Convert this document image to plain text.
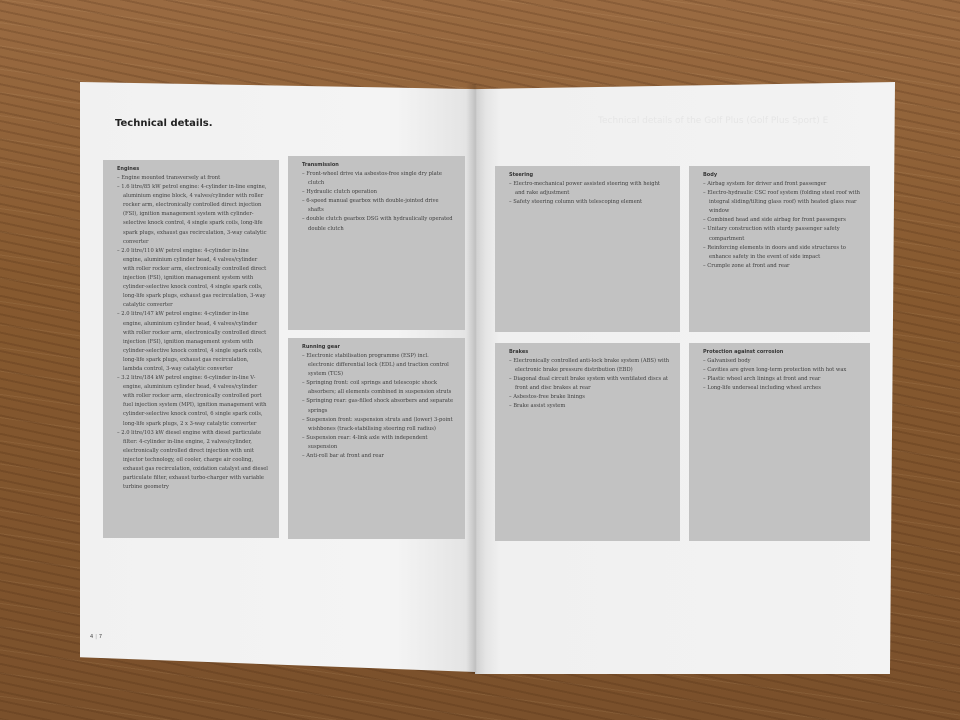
Technical details.	Technical details of the Golf Plus (Golf Plus Sport) E
Engines
– Engine mounted transversely at front
– 1.6 litre/85 kW petrol engine: 4-cylinder in-line engine, aluminium engine block, 4 valves/cylinder with roller rocker arm, electronically controlled direct injection (FSI), ignition management system with cylinder-selective knock control, 4 single spark coils, long-life spark plugs, exhaust gas recirculation, 3-way catalytic converter
– 2.0 litre/110 kW petrol engine: 4-cylinder in-line engine, aluminium cylinder head, 4 valves/cylinder with roller rocker arm, electronically controlled direct injection (FSI), ignition management system with cylinder-selective knock control, 4 single spark coils, long-life spark plugs, exhaust gas recirculation, 3-way catalytic converter
– 2.0 litre/147 kW petrol engine: 4-cylinder in-line engine, aluminium cylinder head, 4 valves/cylinder with roller rocker arm, electronically controlled direct injection (FSI), ignition management system with cylinder-selective knock control, 4 single spark coils, long-life spark plugs, exhaust gas recirculation, lambda control, 3-way catalytic converter
– 3.2 litre/184 kW petrol engine: 6-cylinder in-line V-engine, aluminium cylinder head, 4 valves/cylinder with roller rocker arm, electronically controlled port fuel injection system (MPI), ignition management with cylinder-selective knock control, 6 single spark coils, long-life spark plugs, 2 x 3-way catalytic converter
– 2.0 litre/103 kW diesel engine with diesel particulate filter: 4-cylinder in-line engine, 2 valves/cylinder, electronically controlled direct injection with unit injector technology, oil cooler, charge air cooling, exhaust gas recirculation, oxidation catalyst and diesel particulate filter, exhaust turbo-charger with variable turbine geometry
Transmission
– Front-wheel drive via asbestos-free single dry plate clutch
– Hydraulic clutch operation
– 6-speed manual gearbox with double-jointed drive shafts
– double clutch gearbox DSG with hydraulically operated double clutch
Running gear
– Electronic stabilisation programme (ESP) incl. electronic differential lock (EDL) and traction control system (TCS)
– Springing front: coil springs and telescopic shock absorbers; all elements combined in suspension struts
– Springing rear: gas-filled shock absorbers and separate springs
– Suspension front: suspension struts and (lower) 3-point wishbones (track-stabilising steering roll radius)
– Suspension rear: 4-link axle with independent suspension
– Anti-roll bar at front and rear
Steering
– Electro-mechanical power assisted steering with height and rake adjustment
– Safety steering column with telescoping element
Body
– Airbag system for driver and front passenger
– Electro-hydraulic CSC roof system (folding steel roof with integral sliding/tilting glass roof) with heated glass rear window
– Combined head and side airbag for front passengers
– Unitary construction with sturdy passenger safety compartment
– Reinforcing elements in doors and side structures to enhance safety in the event of side impact
– Crumple zone at front and rear
Brakes
– Electronically controlled anti-lock brake system (ABS) with electronic brake pressure distribution (EBD)
– Diagonal dual circuit brake system with ventilated discs at front and disc brakes at rear
– Asbestos-free brake linings
– Brake assist system
Protection against corrosion
– Galvanised body
– Cavities are given long-term protection with hot wax
– Plastic wheel arch linings at front and rear
– Long-life underseal including wheel arches
4 | 7
